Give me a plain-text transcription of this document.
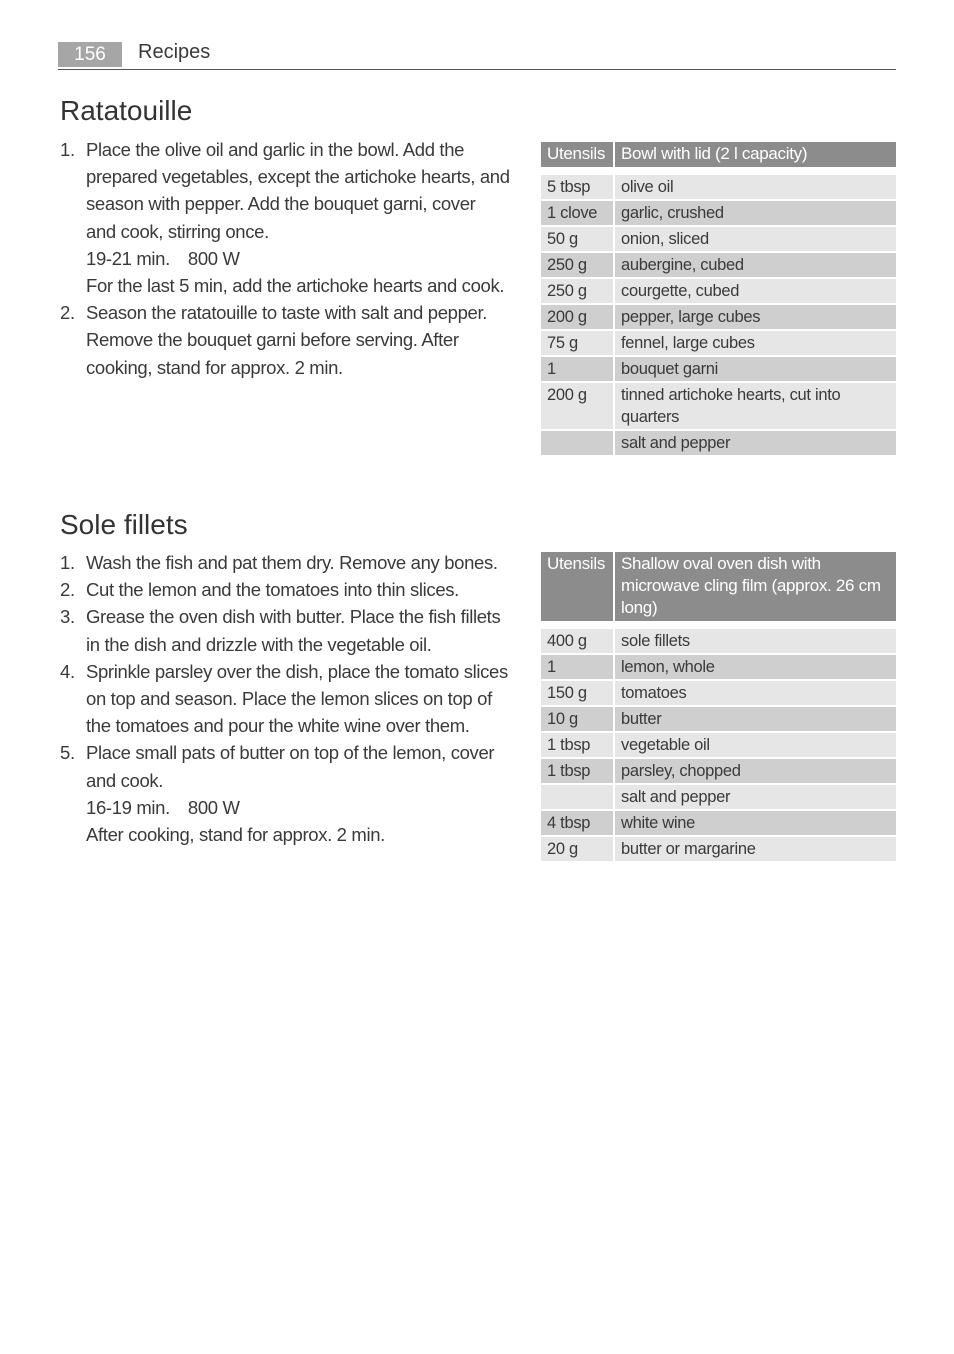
156	Recipes
Ratatouille
1. Place the olive oil and garlic in the bowl. Add the prepared vegetables, except the artichoke hearts, and season with pepper. Add the bouquet garni, cover and cook, stirring once.
19-21 min. 800 W
For the last 5 min, add the artichoke hearts and cook.
2. Season the ratatouille to taste with salt and pepper. Remove the bouquet garni before serving. After cooking, stand for approx. 2 min.
Utensils	Bowl with lid (2 l capacity)

5 tbsp	olive oil
1 clove	garlic, crushed
50 g	onion, sliced
250 g	aubergine, cubed
250 g	courgette, cubed
200 g	pepper, large cubes
75 g	fennel, large cubes
1	bouquet garni
200 g	tinned artichoke hearts, cut into quarters
	salt and pepper
Sole fillets
1. Wash the fish and pat them dry. Remove any bones.
2. Cut the lemon and the tomatoes into thin slices.
3. Grease the oven dish with butter. Place the fish fillets in the dish and drizzle with the vegetable oil.
4. Sprinkle parsley over the dish, place the tomato slices on top and season. Place the lemon slices on top of the tomatoes and pour the white wine over them.
5. Place small pats of butter on top of the lemon, cover and cook.
16-19 min. 800 W
After cooking, stand for approx. 2 min.
Utensils	Shallow oval oven dish with microwave cling film (approx. 26 cm long)

400 g	sole fillets
1	lemon, whole
150 g	tomatoes
10 g	butter
1 tbsp	vegetable oil
1 tbsp	parsley, chopped
	salt and pepper
4 tbsp	white wine
20 g	butter or margarine
